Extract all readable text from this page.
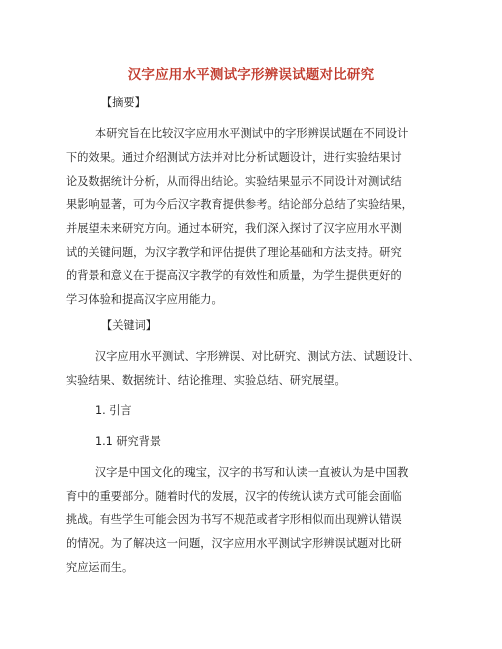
汉字应用水平测试字形辨误试题对比研究
【摘要】
本研究旨在比较汉字应用水平测试中的字形辨误试题在不同设计
下的效果。通过介绍测试方法并对比分析试题设计，进行实验结果讨
论及数据统计分析，从而得出结论。实验结果显示不同设计对测试结
果影响显著，可为今后汉字教育提供参考。结论部分总结了实验结果，
并展望未来研究方向。通过本研究，我们深入探讨了汉字应用水平测
试的关键问题，为汉字教学和评估提供了理论基础和方法支持。研究
的背景和意义在于提高汉字教学的有效性和质量，为学生提供更好的
学习体验和提高汉字应用能力。
【关键词】
汉字应用水平测试、字形辨误、对比研究、测试方法、试题设计、
实验结果、数据统计、结论推理、实验总结、研究展望。
1. 引言
1.1 研究背景
汉字是中国文化的瑰宝，汉字的书写和认读一直被认为是中国教
育中的重要部分。随着时代的发展，汉字的传统认读方式可能会面临
挑战。有些学生可能会因为书写不规范或者字形相似而出现辨认错误
的情况。为了解决这一问题，汉字应用水平测试字形辨误试题对比研
究应运而生。
